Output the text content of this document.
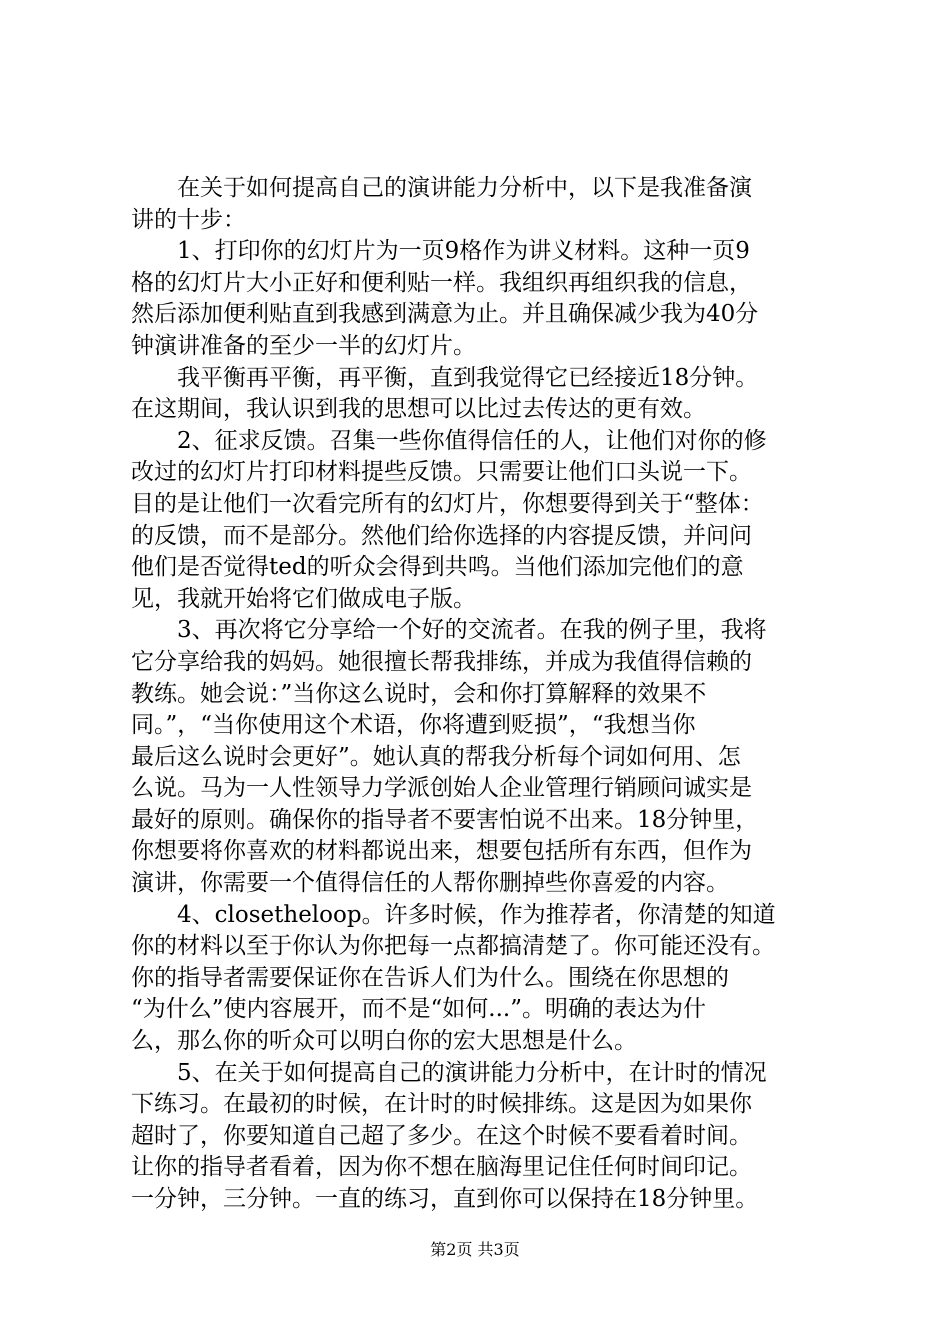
　　在关于如何提高自己的演讲能力分析中，以下是我准备演
讲的十步：
　　1、打印你的幻灯片为一页9格作为讲义材料。这种一页9
格的幻灯片大小正好和便利贴一样。我组织再组织我的信息，
然后添加便利贴直到我感到满意为止。并且确保减少我为40分
钟演讲准备的至少一半的幻灯片。
　　我平衡再平衡，再平衡，直到我觉得它已经接近18分钟。
在这期间，我认识到我的思想可以比过去传达的更有效。
　　2、征求反馈。召集一些你值得信任的人，让他们对你的修
改过的幻灯片打印材料提些反馈。只需要让他们口头说一下。
目的是让他们一次看完所有的幻灯片，你想要得到关于“整体：
的反馈，而不是部分。然他们给你选择的内容提反馈，并问问
他们是否觉得ted的听众会得到共鸣。当他们添加完他们的意
见，我就开始将它们做成电子版。
　　3、再次将它分享给一个好的交流者。在我的例子里，我将
它分享给我的妈妈。她很擅长帮我排练，并成为我值得信赖的
教练。她会说：”当你这么说时，会和你打算解释的效果不
同。”，“当你使用这个术语，你将遭到贬损”，“我想当你
最后这么说时会更好”。她认真的帮我分析每个词如何用、怎
么说。马为一人性领导力学派创始人企业管理行销顾问诚实是
最好的原则。确保你的指导者不要害怕说不出来。18分钟里，
你想要将你喜欢的材料都说出来，想要包括所有东西，但作为
演讲，你需要一个值得信任的人帮你删掉些你喜爱的内容。
　　4、closetheloop。许多时候，作为推荐者，你清楚的知道
你的材料以至于你认为你把每一点都搞清楚了。你可能还没有。
你的指导者需要保证你在告诉人们为什么。围绕在你思想的
“为什么”使内容展开，而不是“如何...”。明确的表达为什
么，那么你的听众可以明白你的宏大思想是什么。
　　5、在关于如何提高自己的演讲能力分析中，在计时的情况
下练习。在最初的时候，在计时的时候排练。这是因为如果你
超时了，你要知道自己超了多少。在这个时候不要看着时间。
让你的指导者看着，因为你不想在脑海里记住任何时间印记。
一分钟，三分钟。一直的练习，直到你可以保持在18分钟里。
第2页 共3页
